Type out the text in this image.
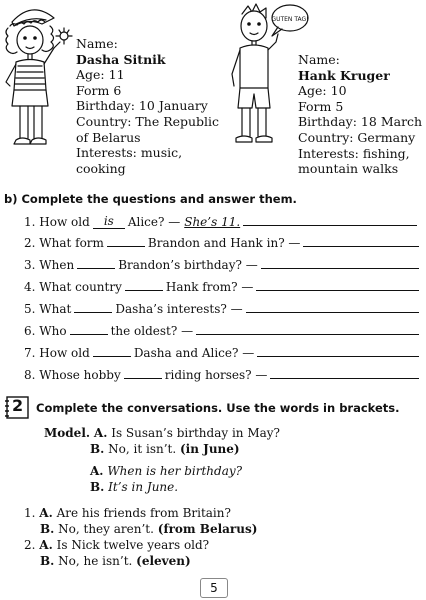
Name:
Dasha Sitnik
Age: 11
Form 6
Birthday: 10 January
Country: The Republic
of Belarus
Interests: music,
cooking
GUTEN TAG!
Name:
Hank Kruger
Age: 10
Form 5
Birthday: 18 March
Country: Germany
Interests: fishing,
mountain walks
b) Complete the questions and answer them.
1.
How old	is	Alice? — She’s 11.
2.
What form	Brandon and Hank in? —
3.
When	Brandon’s birthday? —
4.
What country	Hank from? —
5.
What	Dasha’s interests? —
6.
Who	the oldest? —
7.
How old	Dasha and Alice? —
8.
Whose hobby	riding horses? —
2 Complete the conversations. Use the words in brackets.
Model. A. Is Susan’s birthday in May?
B. No, it isn’t. (in June)
A. When is her birthday?
B. It’s in June.
1. A. Are his friends from Britain?
B. No, they aren’t. (from Belarus)
2. A. Is Nick twelve years old?
B. No, he isn’t. (eleven)
5
